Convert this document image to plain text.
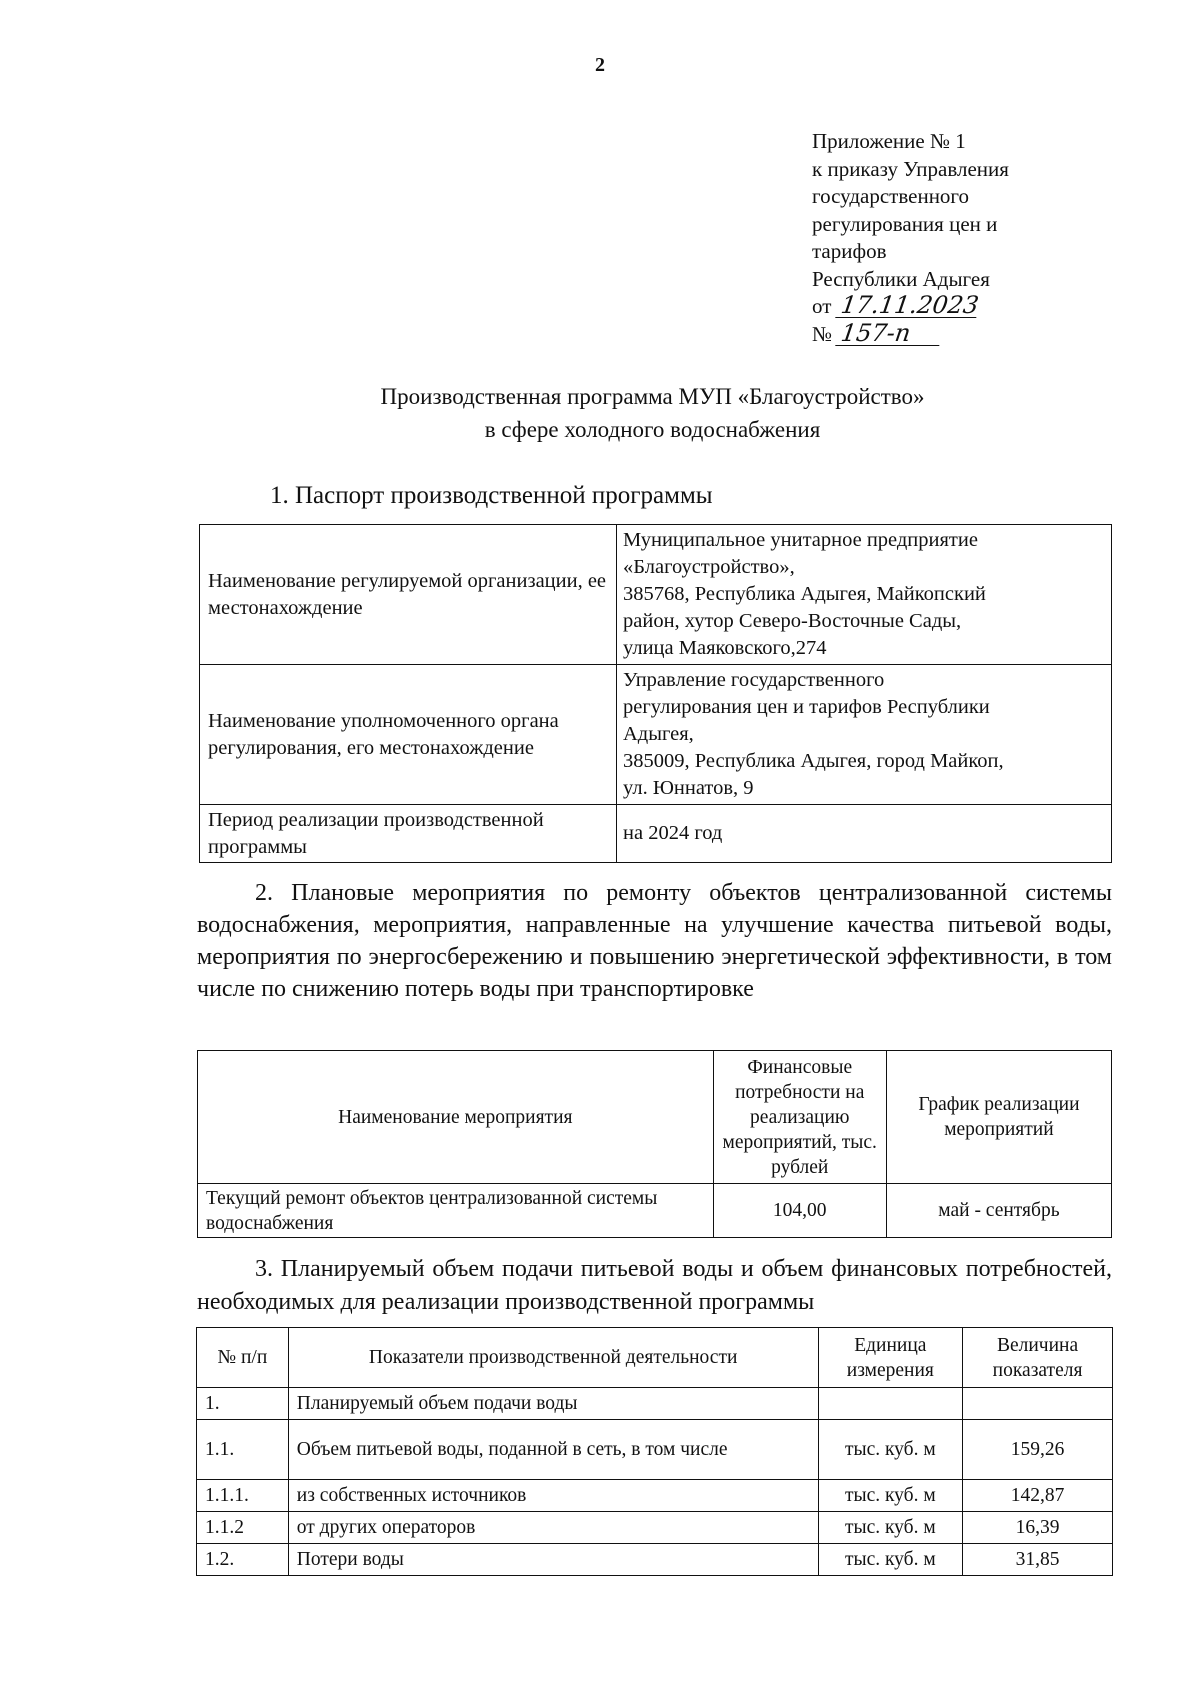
2
Приложение № 1
к приказу Управления
государственного
регулирования цен и
тарифов
Республики Адыгея
от 17.11.2023
№ 157-п
Производственная программа МУП «Благоустройство»
в сфере холодного водоснабжения
1. Паспорт производственной программы
Наименование регулируемой организации, ее местонахождение	Муниципальное унитарное предприятие
«Благоустройство»,
385768, Республика Адыгея, Майкопский
район, хутор Северо-Восточные Сады,
улица Маяковского,274

Наименование уполномоченного органа регулирования, его местонахождение	Управление государственного
регулирования цен и тарифов Республики
Адыгея,
385009, Республика Адыгея, город Майкоп,
ул. Юннатов, 9

Период реализации производственной программы	на 2024 год
2. Плановые мероприятия по ремонту объектов централизованной системы водоснабжения, мероприятия, направленные на улучшение качества питьевой воды, мероприятия по энергосбережению и повышению энергетической эффективности, в том числе по снижению потерь воды при транспортировке
Наименование мероприятия	Финансовые потребности на реализацию мероприятий, тыс. рублей	График реализации мероприятий
Текущий ремонт объектов централизованной системы водоснабжения	104,00	май - сентябрь
3. Планируемый объем подачи питьевой воды и объем финансовых потребностей, необходимых для реализации производственной программы
№ п/п	Показатели производственной деятельности	Единица измерения	Величина показателя
1.	Планируемый объем подачи воды		
1.1.	Объем питьевой воды, поданной в сеть, в том числе	тыс. куб. м	159,26
1.1.1.	из собственных источников	тыс. куб. м	142,87
1.1.2	от других операторов	тыс. куб. м	16,39
1.2.	Потери воды	тыс. куб. м	31,85
